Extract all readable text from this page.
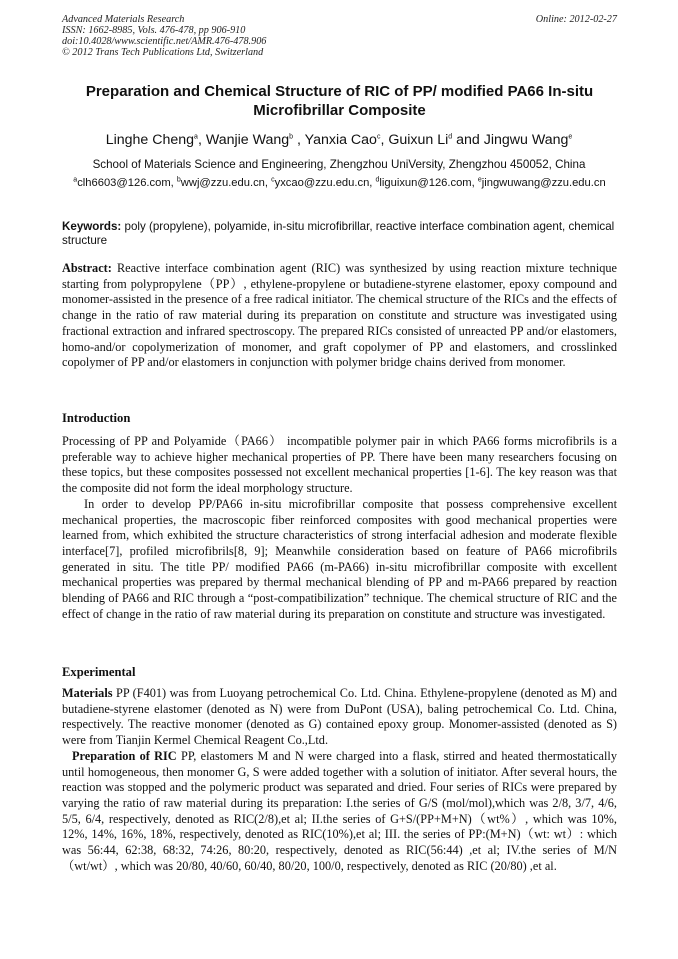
Advanced Materials Research
ISSN: 1662-8985, Vols. 476-478, pp 906-910
doi:10.4028/www.scientific.net/AMR.476-478.906
© 2012 Trans Tech Publications Ltd, Switzerland
Online: 2012-02-27
Preparation and Chemical Structure of RIC of PP/ modified PA66 In-situ Microfibrillar Composite
Linghe Cheng$^a$, Wanjie Wang$^b$ , Yanxia Cao$^c$, Guixun Li$^d$ and Jingwu Wang$^e$
School of Materials Science and Engineering, Zhengzhou UniVersity, Zhengzhou 450052, China
$^a$clh6603@126.com, $^b$wwj@zzu.edu.cn, $^c$yxcao@zzu.edu.cn, $^d$liguixun@126.com, $^e$jingwuwang@zzu.edu.cn
Keywords: poly (propylene), polyamide, in-situ microfibrillar, reactive interface combination agent, chemical structure
Abstract: Reactive interface combination agent (RIC) was synthesized by using reaction mixture technique starting from polypropylene（PP）, ethylene-propylene or butadiene-styrene elastomer, epoxy compound and monomer-assisted in the presence of a free radical initiator. The chemical structure of the RICs and the effects of change in the ratio of raw material during its preparation on constitute and structure was investigated using fractional extraction and infrared spectroscopy. The prepared RICs consisted of unreacted PP and/or elastomers, homo-and/or copolymerization of monomer, and graft copolymer of PP and elastomers, and crosslinked copolymer of PP and/or elastomers in conjunction with polymer bridge chains derived from monomer.
Introduction

Processing of PP and Polyamide（PA66） incompatible polymer pair in which PA66 forms microfibrils is a preferable way to achieve higher mechanical properties of PP. There have been many researchers focusing on these topics, but these composites possessed not excellent mechanical properties [1-6]. The key reason was that the composite did not form the ideal morphology structure.

In order to develop PP/PA66 in-situ microfibrillar composite that possess comprehensive excellent mechanical properties, the macroscopic fiber reinforced composites with good mechanical properties were learned from, which exhibited the structure characteristics of strong interfacial adhesion and moderate flexible interface[7], profiled microfibrils[8, 9]; Meanwhile consideration based on feature of PA66 microfibrils generated in situ. The title PP/ modified PA66 (m-PA66) in-situ microfibrillar composite with excellent mechanical properties was prepared by thermal mechanical blending of PP and m-PA66 prepared by reaction blending of PA66 and RIC through a “post-compatibilization” technique. The chemical structure of RIC and the effect of change in the ratio of raw material during its preparation on constitute and structure was investigated.

Experimental

Materials PP (F401) was from Luoyang petrochemical Co. Ltd. China. Ethylene-propylene (denoted as M) and butadiene-styrene elastomer (denoted as N) were from DuPont (USA), baling petrochemical Co. Ltd. China, respectively. The reactive monomer (denoted as G) contained epoxy group. Monomer-assisted (denoted as S) were from Tianjin Kermel Chemical Reagent Co.,Ltd.

Preparation of RIC PP, elastomers M and N were charged into a flask, stirred and heated thermostatically until homogeneous, then monomer G, S were added together with a solution of initiator. After several hours, the reaction was stopped and the polymeric product was separated and dried. Four series of RICs were prepared by varying the ratio of raw material during its preparation: I.the series of G/S (mol/mol),which was 2/8, 3/7, 4/6, 5/5, 6/4, respectively, denoted as RIC(2/8),et al; II.the series of G+S/(PP+M+N)（wt%）, which was 10%, 12%, 14%, 16%, 18%, respectively, denoted as RIC(10%),et al; III. the series of PP:(M+N)（wt: wt）: which was 56:44, 62:38, 68:32, 74:26, 80:20, respectively, denoted as RIC(56:44) ,et al; IV.the series of M/N（wt/wt）, which was 20/80, 40/60, 60/40, 80/20, 100/0, respectively, denoted as RIC (20/80) ,et al.
